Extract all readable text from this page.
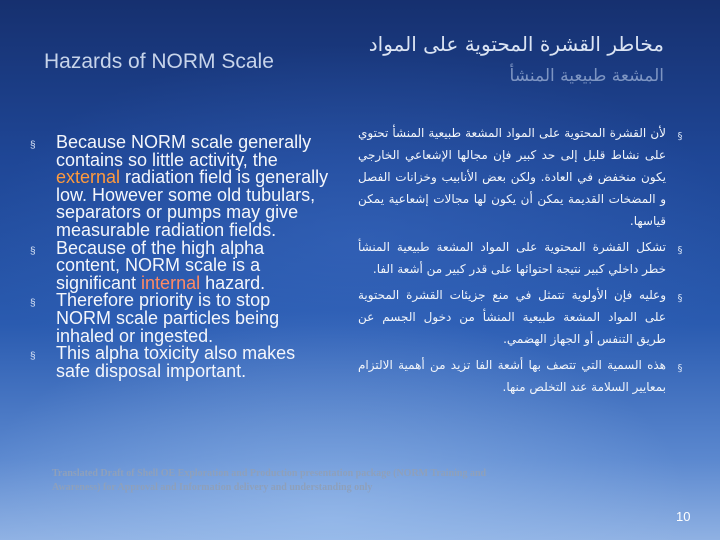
Hazards of NORM Scale
مخاطر القشرة المحتوية على المواد
المشعة طبيعية المنشأ
§	Because NORM scale generally contains so little activity, the external radiation field is generally low. However some old tubulars, separators or pumps may give measurable radiation fields.
§	Because of the high alpha content, NORM scale is a significant internal hazard.
§	Therefore priority is to stop NORM scale particles being inhaled or ingested.
§	This alpha toxicity also makes safe disposal important.
§
لأن القشرة المحتوية على المواد المشعة طبيعية المنشأ تحتوي على نشاط قليل إلى حد كبير فإن مجالها الإشعاعي الخارجي يكون منخفض في العادة. ولكن بعض الأنابيب وخزانات الفصل و المضخات القديمة يمكن أن يكون لها مجالات إشعاعية يمكن قياسها.
§
تشكل القشرة المحتوية على المواد المشعة طبيعية المنشأ خطر داخلي كبير نتيجة احتوائها على قدر كبير من أشعة الفا.
§
وعليه فإن الأولوية تتمثل في منع جزيئات القشرة المحتوية على المواد المشعة طبيعية المنشأ من دخول الجسم عن طريق التنفس أو الجهاز الهضمي.
§
هذه السمية التي تتصف بها أشعة الفا تزيد من أهمية الالتزام بمعايير السلامة عند التخلص منها.
Translated Draft of Shell OE Exploration and Production presentation package (NORM Training and Awareness) for Approval and Information delivery and understanding only
10
